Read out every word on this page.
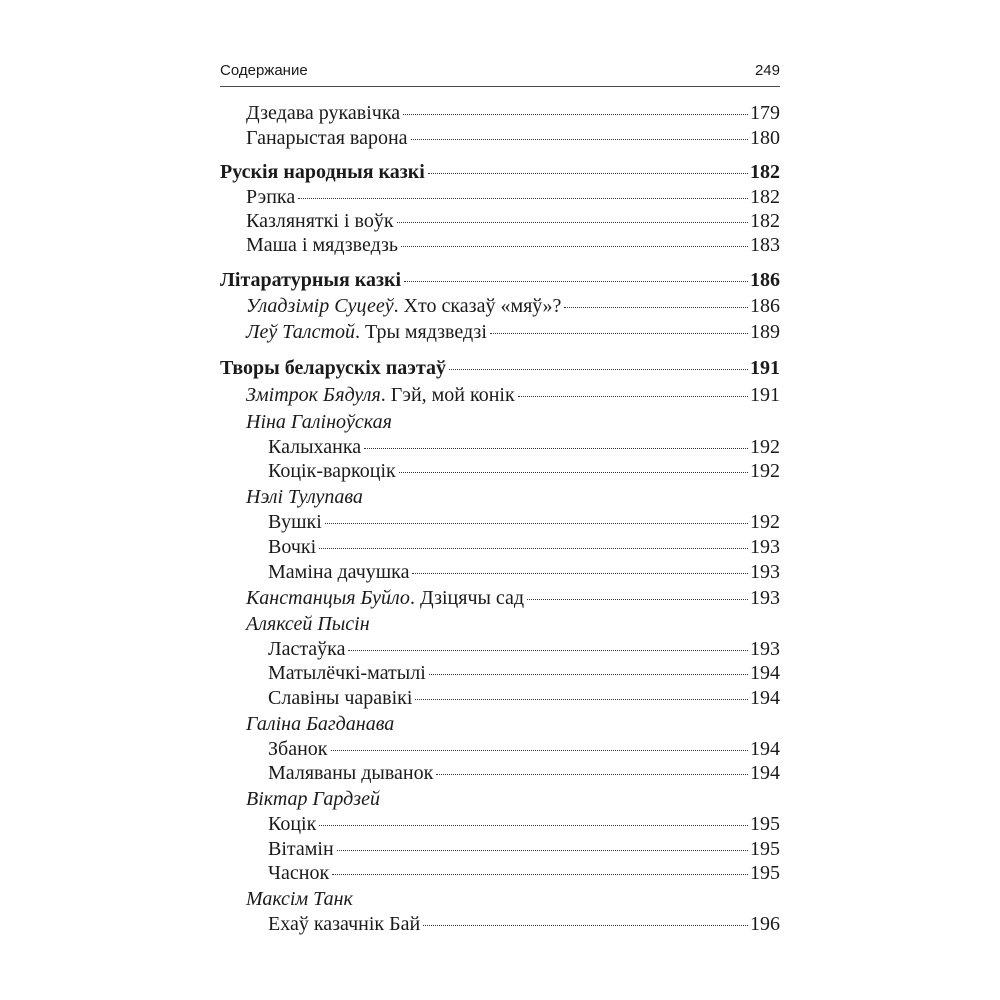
Содержание	249
Дзедава рукавічка	179
Ганарыстая варона	180
Рускія народныя казкі	182
Рэпка	182
Казляняткі і воўк	182
Маша і мядзведзь	183
Літаратурныя казкі	186
Уладзімір Суцееў. Хто сказаў «мяў»?	186
Леў Талстой. Тры мядзведзі	189
Творы беларускіх паэтаў	191
Змітрок Бядуля. Гэй, мой конік	191
Ніна Галіноўская
Калыханка	192
Коцік-варкоцік	192
Нэлі Тулупава
Вушкі	192
Вочкі	193
Маміна дачушка	193
Канстанцыя Буйло. Дзіцячы сад	193
Аляксей Пысін
Ластаўка	193
Матылёчкі-матылі	194
Славіны чаравікі	194
Галіна Багданава
Збанок	194
Маляваны дыванок	194
Віктар Гардзей
Коцік	195
Вітамін	195
Часнок	195
Максім Танк
Ехаў казачнік Бай	196
